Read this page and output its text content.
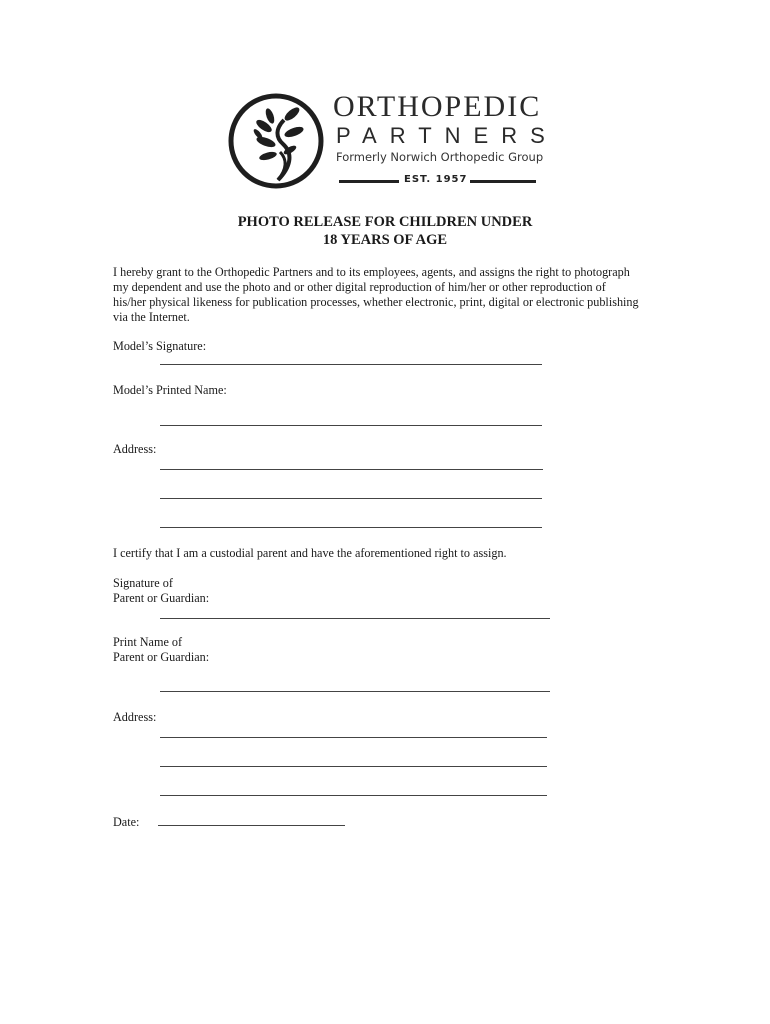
ORTHOPEDIC
PARTNERS
Formerly Norwich Orthopedic Group
EST. 1957
PHOTO RELEASE FOR CHILDREN UNDER
18 YEARS OF AGE
I hereby grant to the Orthopedic Partners and to its employees, agents, and assigns the right to photograph
my dependent and use the photo and or other digital reproduction of him/her or other reproduction of
his/her physical likeness for publication processes, whether electronic, print, digital or electronic publishing
via the Internet.
Model’s Signature:
Model’s Printed Name:
Address:
I certify that I am a custodial parent and have the aforementioned right to assign.
Signature of
Parent or Guardian:
Print Name of
Parent or Guardian:
Address:
Date:
